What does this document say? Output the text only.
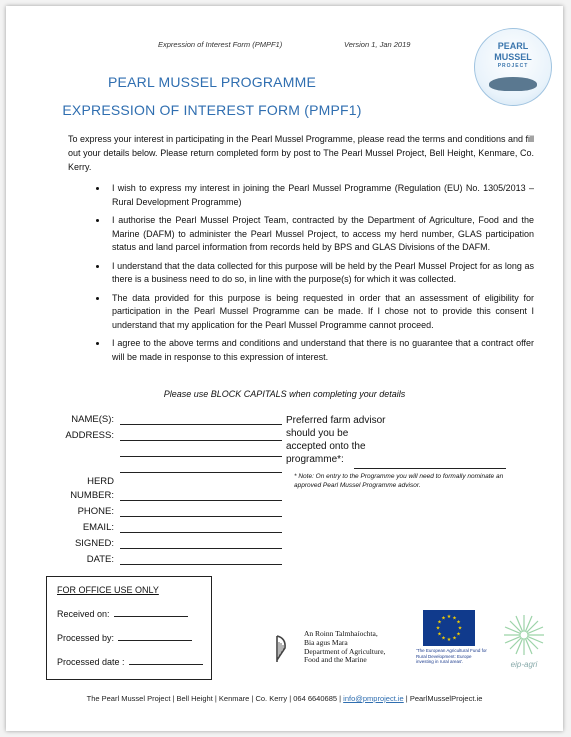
Expression of Interest Form (PMPF1)	Version 1, Jan 2019	PEARL
MUSSEL
PROJECT
PEARL MUSSEL PROGRAMME
EXPRESSION OF INTEREST FORM (PMPF1)
To express your interest in participating in the Pearl Mussel Programme, please read the terms and conditions and fill out your details below. Please return completed form by post to The Pearl Mussel Project, Bell Height, Kenmare, Co. Kerry.
• I wish to express my interest in joining the Pearl Mussel Programme (Regulation (EU) No. 1305/2013 – Rural Development Programme)
• I authorise the Pearl Mussel Project Team, contracted by the Department of Agriculture, Food and the Marine (DAFM) to administer the Pearl Mussel Project, to access my herd number, GLAS participation status and land parcel information from records held by BPS and GLAS Divisions of the DAFM.
• I understand that the data collected for this purpose will be held by the Pearl Mussel Project for as long as there is a business need to do so, in line with the purpose(s) for which it was collected.
• The data provided for this purpose is being requested in order that an assessment of eligibility for participation in the Pearl Mussel Programme can be made. If I chose not to provide this consent I understand that my application for the Pearl Mussel Programme cannot proceed.
• I agree to the above terms and conditions and understand that there is no guarantee that a contract offer will be made in response to this expression of interest.
Please use BLOCK CAPITALS when completing your details
NAME(S):
ADDRESS:
HERD
NUMBER:
PHONE:
EMAIL:
SIGNED:
DATE:
Preferred farm advisor should you be accepted onto the programme*:
* Note: On entry to the Programme you will need to formally nominate an approved Pearl Mussel Programme advisor.
FOR OFFICE USE ONLY
Received on:
Processed by:
Processed date :
An Roinn Talmhaíochta,
Bia agus Mara
Department of Agriculture,
Food and the Marine
★ ★
★
★
★
★
★
★
★
★
★
★
'The European Agricultural Fund for Rural Development: Europe investing in rural areas'.	eip-agri
The Pearl Mussel Project | Bell Height | Kenmare | Co. Kerry | 064 6640685 | info@pmproject.ie | PearlMusselProject.ie
